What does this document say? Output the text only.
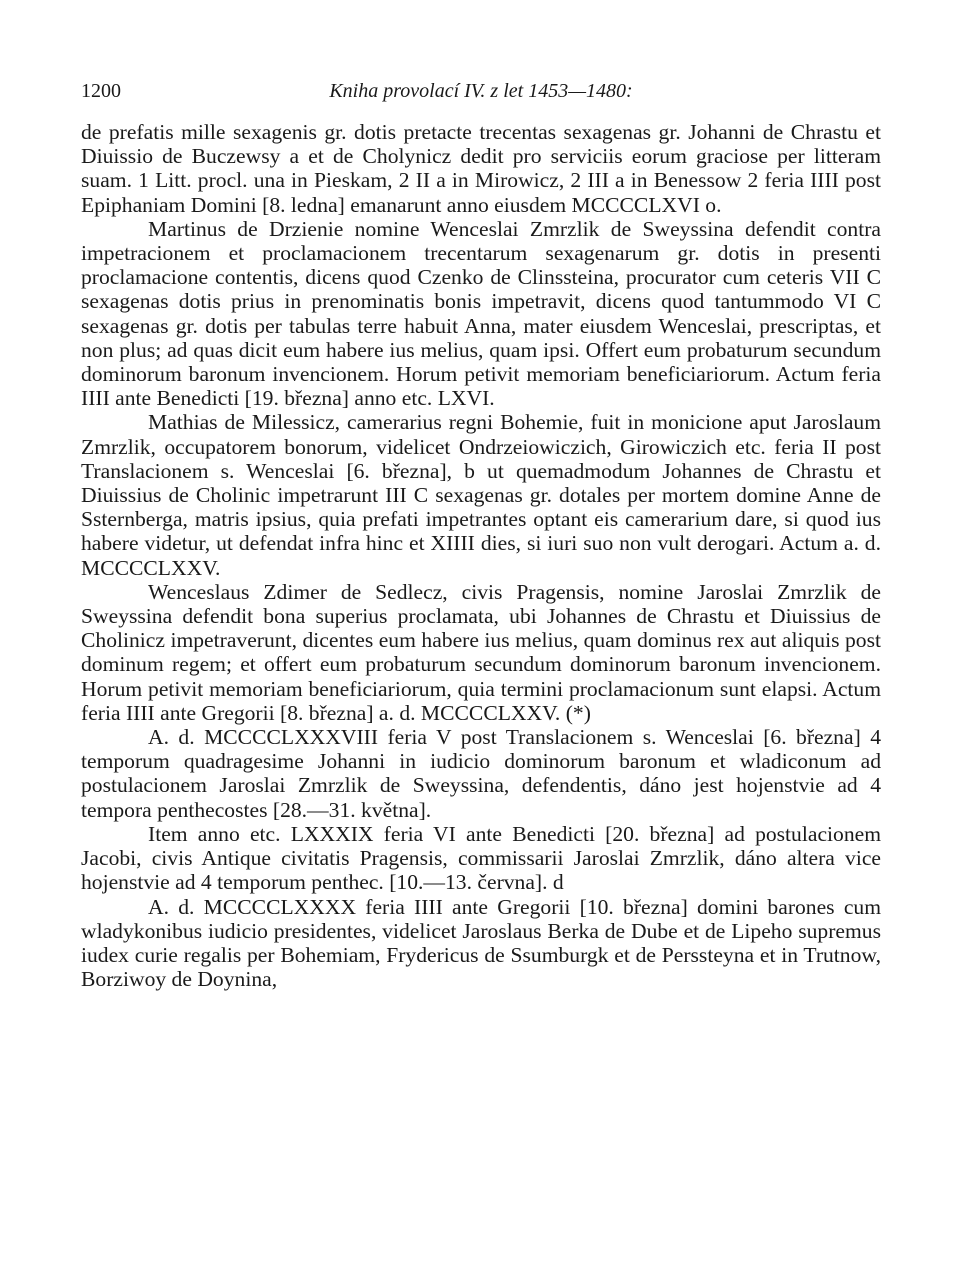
1200	Kniha provolací IV. z let 1453—1480:

de prefatis mille sexagenis gr. dotis pretacte trecentas sexagenas gr. Johanni de Chrastu et Diuissio de Buczewsy a et de Cholynicz dedit pro serviciis eorum graciose per litteram suam. 1 Litt. procl. una in Pieskam, 2 II a in Mirowicz, 2 III a in Benessow 2 feria IIII post Epiphaniam Domini [8. ledna] emanarunt anno eiusdem MCCCCLXVI o.

Martinus de Drzienie nomine Wenceslai Zmrzlik de Sweyssina defendit contra impetracionem et proclamacionem trecentarum sexagenarum gr. dotis in presenti proclamacione contentis, dicens quod Czenko de Clinssteina, procurator cum ceteris VII C sexagenas dotis prius in prenominatis bonis impetravit, dicens quod tantummodo VI C sexagenas gr. dotis per tabulas terre habuit Anna, mater eiusdem Wenceslai, prescriptas, et non plus; ad quas dicit eum habere ius melius, quam ipsi. Offert eum probaturum secundum dominorum baronum invencionem. Horum petivit memoriam beneficiariorum. Actum feria IIII ante Benedicti [19. března] anno etc. LXVI.

Mathias de Milessicz, camerarius regni Bohemie, fuit in monicione aput Jaroslaum Zmrzlik, occupatorem bonorum, videlicet Ondrzeiowiczich, Girowiczich etc. feria II post Translacionem s. Wenceslai [6. března], b ut quemadmodum Johannes de Chrastu et Diuissius de Cholinic impetrarunt III C sexagenas gr. dotales per mortem domine Anne de Ssternberga, matris ipsius, quia prefati impetrantes optant eis camerarium dare, si quod ius habere videtur, ut defendat infra hinc et XIIII dies, si iuri suo non vult derogari. Actum a. d. MCCCCLXXV.

Wenceslaus Zdimer de Sedlecz, civis Pragensis, nomine Jaroslai Zmrzlik de Sweyssina defendit bona superius proclamata, ubi Johannes de Chrastu et Diuissius de Cholinicz impetraverunt, dicentes eum habere ius melius, quam dominus rex aut aliquis post dominum regem; et offert eum probaturum secundum dominorum baronum invencionem. Horum petivit memoriam beneficiariorum, quia termini proclamacionum sunt elapsi. Actum feria IIII ante Gregorii [8. března] a. d. MCCCCLXXV. (*)

A. d. MCCCCLXXXVIII feria V post Translacionem s. Wenceslai [6. března] 4 temporum quadragesime Johanni in iudicio dominorum baronum et wladiconum ad postulacionem Jaroslai Zmrzlik de Sweyssina, defendentis, dáno jest hojenstvie ad 4 tempora penthecostes [28.—31. května].

Item anno etc. LXXXIX feria VI ante Benedicti [20. března] ad postulacionem Jacobi, civis Antique civitatis Pragensis, commissarii Jaroslai Zmrzlik, dáno altera vice hojenstvie ad 4 temporum penthec. [10.—13. června]. d

A. d. MCCCCLXXXX feria IIII ante Gregorii [10. března] domini barones cum wladykonibus iudicio presidentes, videlicet Jaroslaus Berka de Dube et de Lipeho supremus iudex curie regalis per Bohemiam, Frydericus de Ssumburgk et de Perssteyna et in Trutnow, Borziwoy de Doynina,
